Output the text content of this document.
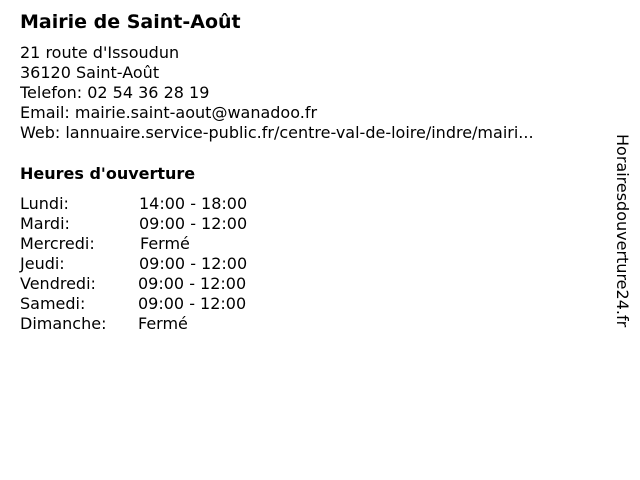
Mairie de Saint-Août
21 route d'Issoudun
36120 Saint-Août
Telefon: 02 54 36 28 19
Email: mairie.saint-aout@wanadoo.fr
Web: lannuaire.service-public.fr/centre-val-de-loire/indre/mairi...
Heures d'ouverture
Lundi:	14:00 - 18:00
Mardi:	09:00 - 12:00
Mercredi:	Fermé
Jeudi:	09:00 - 12:00
Vendredi:	09:00 - 12:00
Samedi:	09:00 - 12:00
Dimanche: Fermé	Horairesdouverture24.fr
